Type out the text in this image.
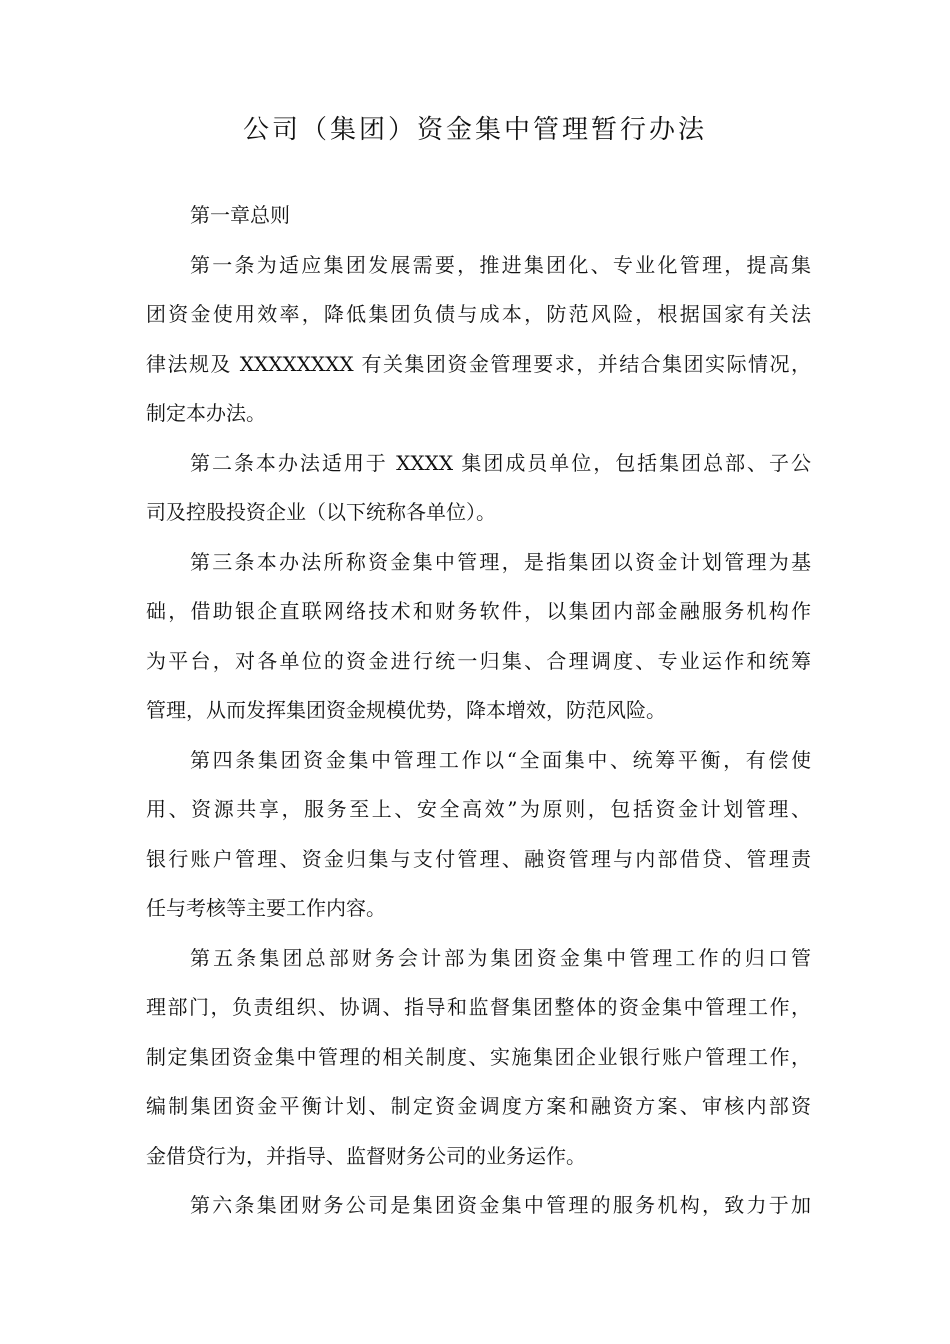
公司（集团）资金集中管理暂行办法
第一章总则
第一条为适应集团发展需要，推进集团化、专业化管理，提高集
团资金使用效率，降低集团负债与成本，防范风险，根据国家有关法
律法规及 XXXXXXXX 有关集团资金管理要求，并结合集团实际情况，
制定本办法。
第二条本办法适用于 XXXX 集团成员单位，包括集团总部、子公
司及控股投资企业（以下统称各单位）。
第三条本办法所称资金集中管理，是指集团以资金计划管理为基
础，借助银企直联网络技术和财务软件，以集团内部金融服务机构作
为平台，对各单位的资金进行统一归集、合理调度、专业运作和统筹
管理，从而发挥集团资金规模优势，降本增效，防范风险。
第四条集团资金集中管理工作以“全面集中、统筹平衡，有偿使
用、资源共享，服务至上、安全高效”为原则，包括资金计划管理、
银行账户管理、资金归集与支付管理、融资管理与内部借贷、管理责
任与考核等主要工作内容。
第五条集团总部财务会计部为集团资金集中管理工作的归口管
理部门，负责组织、协调、指导和监督集团整体的资金集中管理工作，
制定集团资金集中管理的相关制度、实施集团企业银行账户管理工作，
编制集团资金平衡计划、制定资金调度方案和融资方案、审核内部资
金借贷行为，并指导、监督财务公司的业务运作。
第六条集团财务公司是集团资金集中管理的服务机构，致力于加
